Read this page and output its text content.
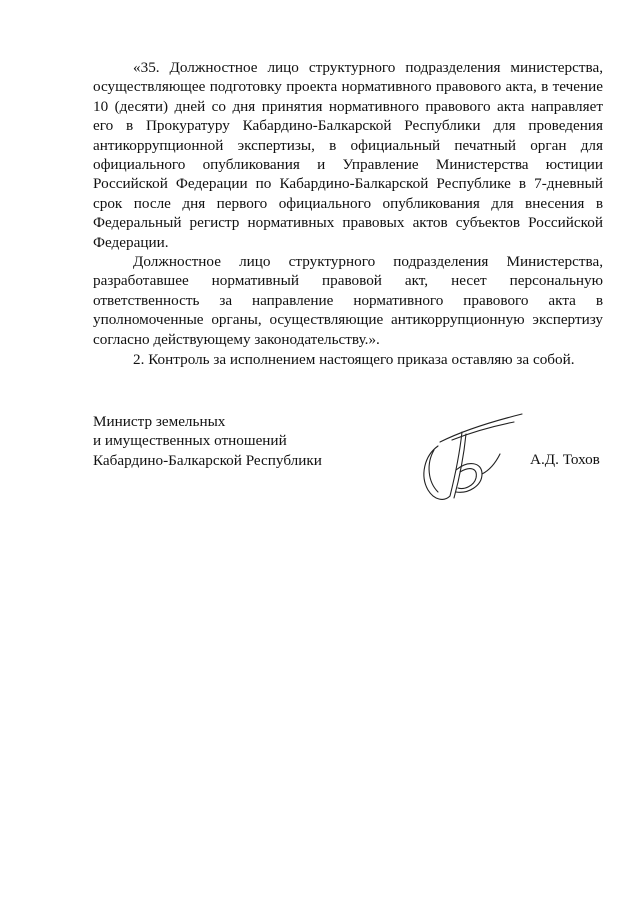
«35. Должностное лицо структурного подразделения министерства, осуществляющее подготовку проекта нормативного правового акта, в течение 10 (десяти) дней со дня принятия нормативного правового акта направляет его в Прокуратуру Кабардино-Балкарской Республики для проведения антикоррупционной экспертизы, в официальный печатный орган для официального опубликования и Управление Министерства юстиции Российской Федерации по Кабардино-Балкарской Республике в 7-дневный срок после дня первого официального опубликования для внесения в Федеральный регистр нормативных правовых актов субъектов Российской Федерации.

Должностное лицо структурного подразделения Министерства, разработавшее нормативный правовой акт, несет персональную ответственность за направление нормативного правового акта в уполномоченные органы, осуществляющие антикоррупционную экспертизу согласно действующему законодательству.».

2. Контроль за исполнением настоящего приказа оставляю за собой.

Министр земельных
и имущественных отношений
Кабардино-Балкарской Республики	А.Д. Тохов
